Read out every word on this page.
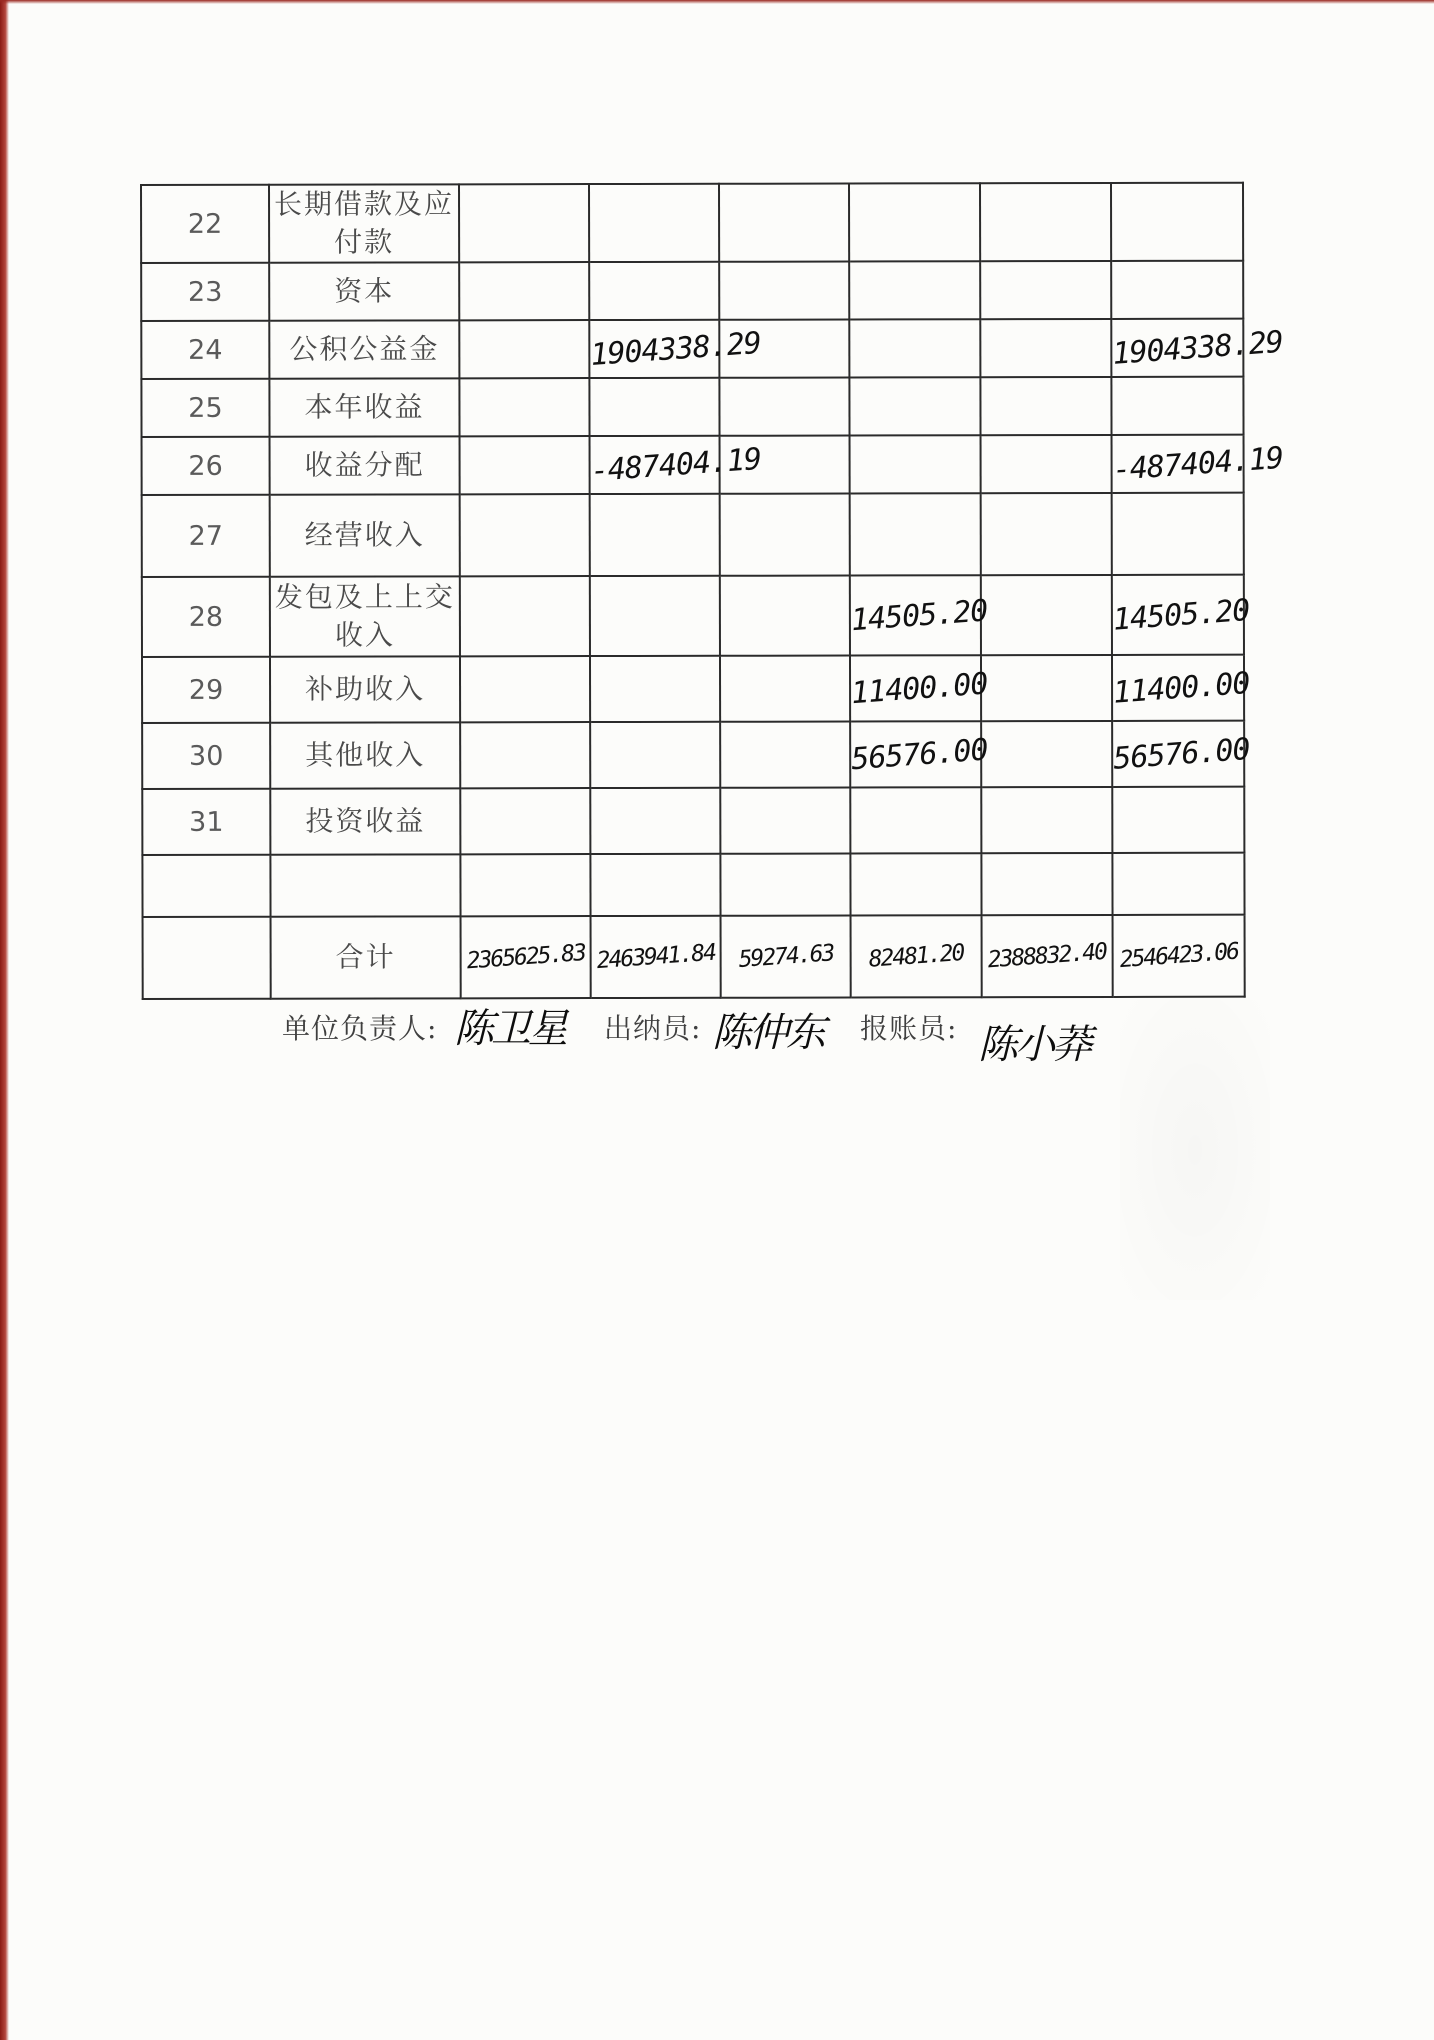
22	长期借款及应付款						
23	资本						
24	公积公益金		1904338.29				1904338.29
25	本年收益						
26	收益分配		-487404.19				-487404.19
27	经营收入						
28	发包及上上交收入				14505.20		14505.20
29	补助收入				11400.00		11400.00
30	其他收入				56576.00		56576.00
31	投资收益						

	合计	2365625.83	2463941.84	59274.63	82481.20	2388832.40	2546423.06
单位负责人: 陈卫星 出纳员: 陈仲东 报账员: 陈小莽
